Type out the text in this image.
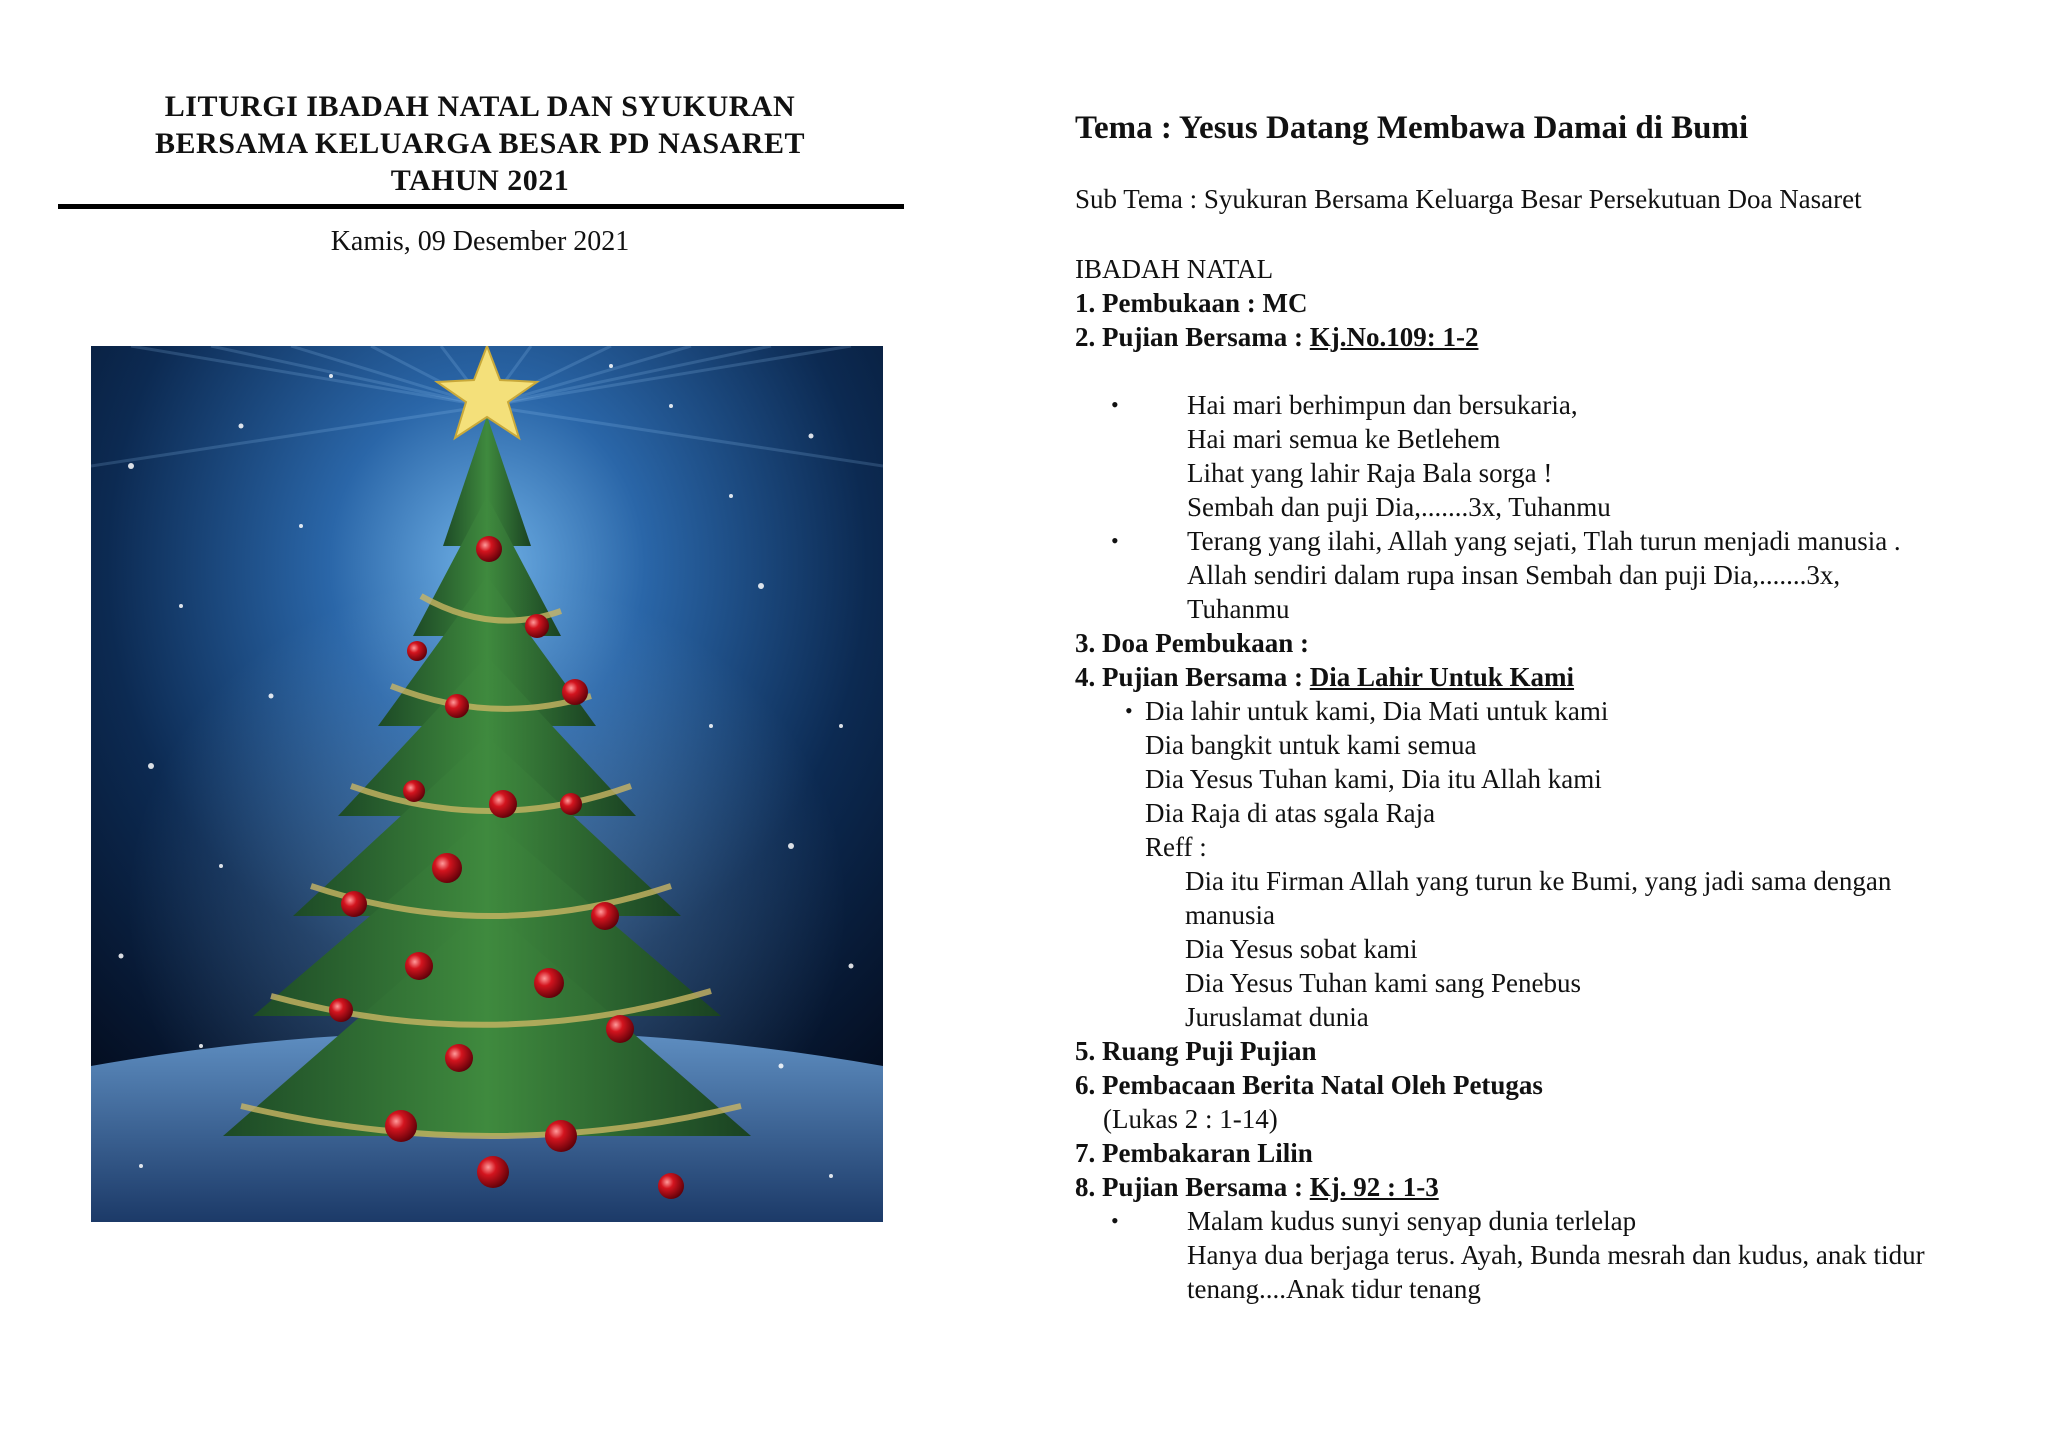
LITURGI IBADAH NATAL DAN SYUKURAN
BERSAMA KELUARGA BESAR PD NASARET
TAHUN 2021
Kamis, 09 Desember 2021
Tema : Yesus Datang Membawa Damai di Bumi
Sub Tema : Syukuran Bersama Keluarga Besar Persekutuan Doa Nasaret
IBADAH NATAL
1. Pembukaan : MC
2. Pujian Bersama : Kj.No.109: 1-2
•	Hai mari berhimpun dan bersukaria,
Hai mari semua ke Betlehem
Lihat yang lahir Raja Bala sorga !
Sembah dan puji Dia,.......3x, Tuhanmu
•	Terang yang ilahi, Allah yang sejati, Tlah turun menjadi manusia .
Allah sendiri dalam rupa insan Sembah dan puji Dia,.......3x,
Tuhanmu
3. Doa Pembukaan :
4. Pujian Bersama : Dia Lahir Untuk Kami
• Dia lahir untuk kami, Dia Mati untuk kami
Dia bangkit untuk kami semua
Dia Yesus Tuhan kami, Dia itu Allah kami
Dia Raja di atas sgala Raja
Reff :
Dia itu Firman Allah yang turun ke Bumi, yang jadi sama dengan
manusia
Dia Yesus sobat kami
Dia Yesus Tuhan kami sang Penebus
Juruslamat dunia
5. Ruang Puji Pujian
6. Pembacaan Berita Natal Oleh Petugas
(Lukas 2 : 1-14)
7. Pembakaran Lilin
8. Pujian Bersama : Kj. 92 : 1-3
•	Malam kudus sunyi senyap dunia terlelap
Hanya dua berjaga terus. Ayah, Bunda mesrah dan kudus, anak tidur
tenang....Anak tidur tenang
